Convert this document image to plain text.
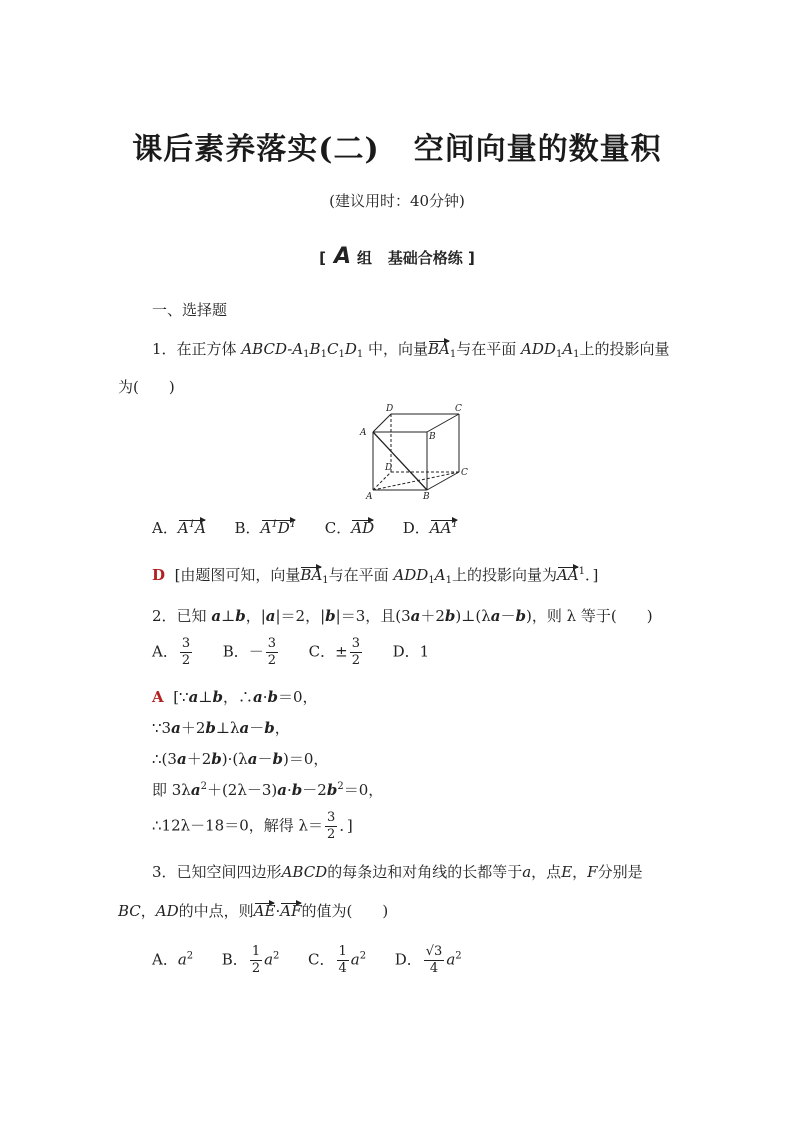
课后素养落实(二) 空间向量的数量积
(建议用时：40分钟)
[ A 组 基础合格练 ]
一、选择题
1．在正方体 ABCD-$A_1B_1C_1D_1$ 中，向量$BA_1$与在平面 $ADD_1A_1$上的投影向量
为(　　)
D	C
A	B
D	C
A	B
A．$A^1A$ B．$A^1D^1$ C．AD D．$AA^1$
D [由题图可知，向量$BA_1$与在平面 $ADD_1A_1$上的投影向量为$AA^1$．]
2．已知 a⊥b，|a|＝2，|b|＝3，且(3a＋2b)⊥(λa－b)，则 λ 等于(　　)
A． $\frac{3}{2}$ B．－ $\frac{3}{2}$ C．± $\frac{3}{2}$ D．1
A [∵a⊥b，∴a·b＝0，
∵3a＋2b⊥λa－b，
∴(3a＋2b)·(λa－b)＝0，
即 $3\lambda a^2+(2\lambda-3)a\cdot b-2b^2=0$，
∴12λ－18＝0，解得 $\lambda= \frac{3}{2}$ ．]
3．已知空间四边形ABCD的每条边和对角线的长都等于a，点E，F分别是
BC，AD的中点，则AE·AF的值为(　　)
A．$a^2$ B． $\frac{1}{2} a^2$ C． $\frac{1}{4} a^2$ D． $\frac{√3}{4} a^2$
